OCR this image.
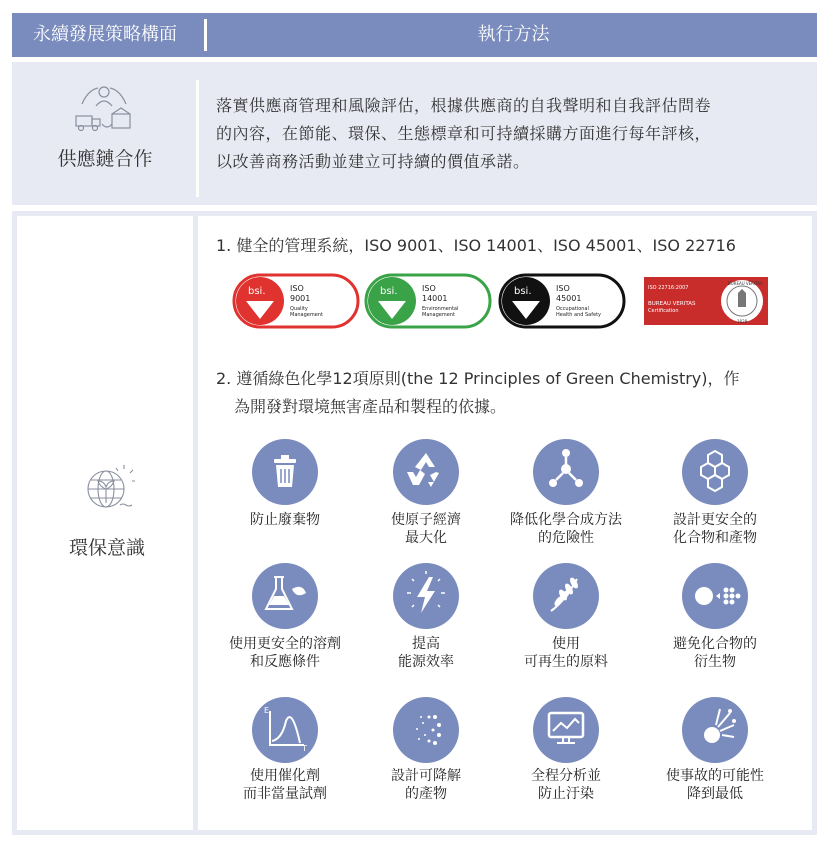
永續發展策略構面	執行方法
供應鏈合作
落實供應商管理和風險評估，根據供應商的自我聲明和自我評估問卷
的內容，在節能、環保、生態標章和可持續採購方面進行每年評核，
以改善商務活動並建立可持續的價值承諾。
環保意識
1. 健全的管理系統，ISO 9001、ISO 14001、ISO 45001、ISO 22716
bsi.	ISO
9001
Quality
Management
bsi.	ISO
14001
Environmental
Management
bsi.	ISO
45001
Occupational
Health and Safety
ISO 22716:2007
BUREAU VERITAS
Certification
BUREAU VERITAS
1828
2. 遵循綠色化學12項原則(the 12 Principles of Green Chemistry)，作
為開發對環境無害產品和製程的依據。
防止廢棄物	使原子經濟
最大化
降低化學合成方法
的危險性
設計更安全的
化合物和產物
使用更安全的溶劑
和反應條件
提高
能源效率
使用
可再生的原料
避免化合物的
衍生物
E
T
使用催化劑
而非當量試劑
設計可降解
的產物
全程分析並
防止汙染
使事故的可能性
降到最低
